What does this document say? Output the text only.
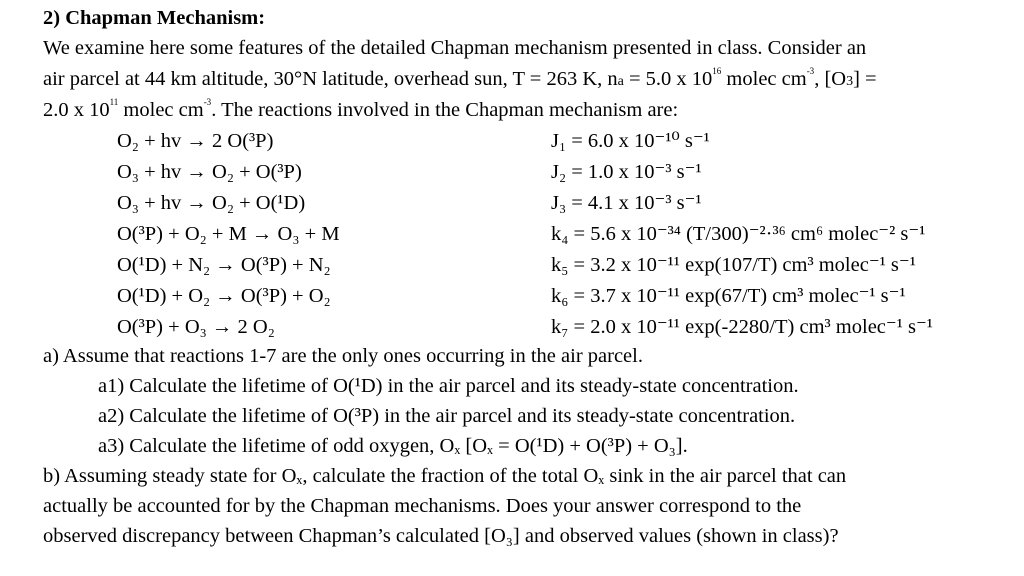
2) Chapman Mechanism:
We examine here some features of the detailed Chapman mechanism presented in class. Consider an
air parcel at 44 km altitude, 30°N latitude, overhead sun, T = 263 K, na = 5.0 x $10^{16}$ molec $cm^{-3}$, [O3] =
2.0 x $10^{11}$ molec $cm^{-3}$. The reactions involved in the Chapman mechanism are:
O₂ + hv → 2 O(³P)	J₁ = 6.0 x 10⁻¹⁰ s⁻¹
O₃ + hv → O₂ + O(³P)	J₂ = 1.0 x 10⁻³ s⁻¹
O₃ + hv → O₂ + O(¹D)	J₃ = 4.1 x 10⁻³ s⁻¹
O(³P) + O₂ + M → O₃ + M	k₄ = 5.6 x 10⁻³⁴ (T/300)⁻²·³⁶ cm⁶ molec⁻² s⁻¹
O(¹D) + N₂ → O(³P) + N₂	k₅ = 3.2 x 10⁻¹¹ exp(107/T) cm³ molec⁻¹ s⁻¹
O(¹D) + O₂ → O(³P) + O₂	k₆ = 3.7 x 10⁻¹¹ exp(67/T) cm³ molec⁻¹ s⁻¹
O(³P) + O₃ → 2 O₂	k₇ = 2.0 x 10⁻¹¹ exp(-2280/T) cm³ molec⁻¹ s⁻¹
a) Assume that reactions 1-7 are the only ones occurring in the air parcel.
a1) Calculate the lifetime of O(¹D) in the air parcel and its steady-state concentration.
a2) Calculate the lifetime of O(³P) in the air parcel and its steady-state concentration.
a3) Calculate the lifetime of odd oxygen, Oₓ [Oₓ = O(¹D) + O(³P) + O₃].
b) Assuming steady state for Oₓ, calculate the fraction of the total Oₓ sink in the air parcel that can
actually be accounted for by the Chapman mechanisms. Does your answer correspond to the
observed discrepancy between Chapman’s calculated [O₃] and observed values (shown in class)?
